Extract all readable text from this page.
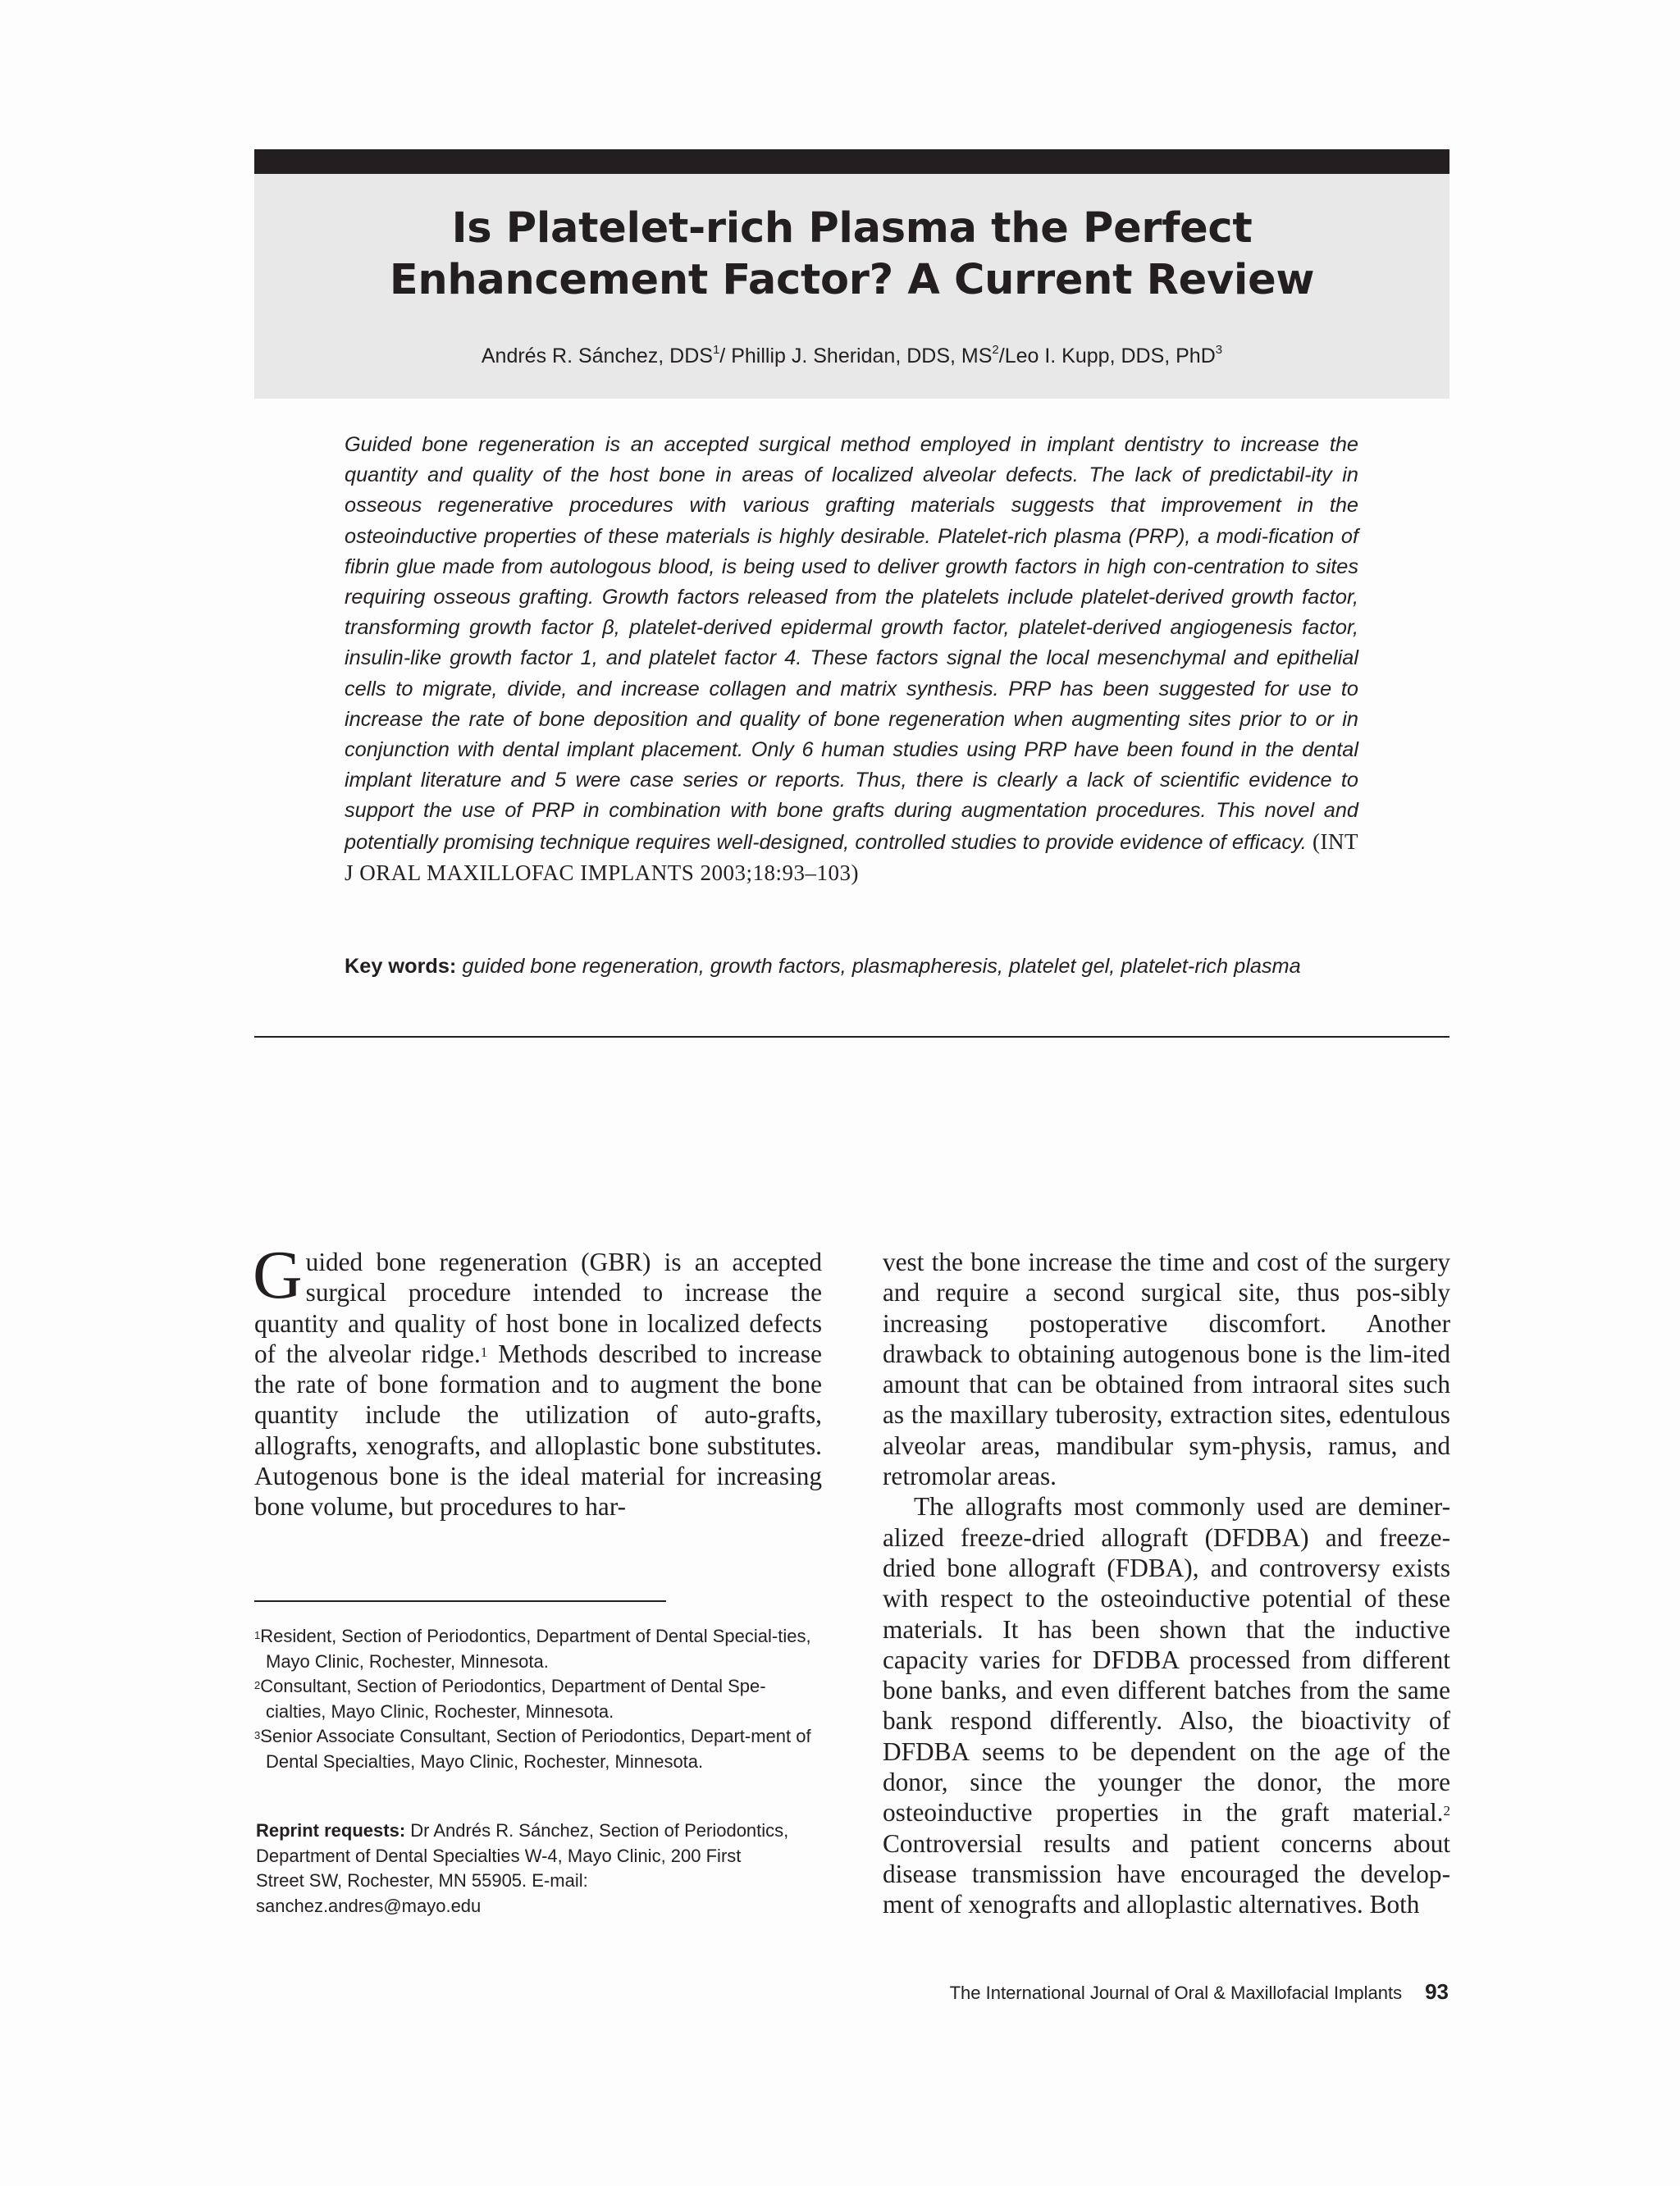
Is Platelet-rich Plasma the Perfect
Enhancement Factor? A Current Review
Andrés R. Sánchez, DDS$^1$/ Phillip J. Sheridan, DDS, $MS^2$/Leo I. Kupp, DDS, PhD$^3$
Guided bone regeneration is an accepted surgical method employed in implant dentistry to increase the quantity and quality of the host bone in areas of localized alveolar defects. The lack of predictabil-ity in osseous regenerative procedures with various grafting materials suggests that improvement in the osteoinductive properties of these materials is highly desirable. Platelet-rich plasma (PRP), a modi-fication of fibrin glue made from autologous blood, is being used to deliver growth factors in high con-centration to sites requiring osseous grafting. Growth factors released from the platelets include platelet-derived growth factor, transforming growth factor β, platelet-derived epidermal growth factor, platelet-derived angiogenesis factor, insulin-like growth factor 1, and platelet factor 4. These factors signal the local mesenchymal and epithelial cells to migrate, divide, and increase collagen and matrix synthesis. PRP has been suggested for use to increase the rate of bone deposition and quality of bone regeneration when augmenting sites prior to or in conjunction with dental implant placement. Only 6 human studies using PRP have been found in the dental implant literature and 5 were case series or reports. Thus, there is clearly a lack of scientific evidence to support the use of PRP in combination with bone grafts during augmentation procedures. This novel and potentially promising technique requires well-designed, controlled studies to provide evidence of efficacy. (INT J ORAL MAXILLOFAC IMPLANTS 2003;18:93–103)
Key words: guided bone regeneration, growth factors, plasmapheresis, platelet gel, platelet-rich plasma

Guided bone regeneration (GBR) is an accepted surgical procedure intended to increase the quantity and quality of host bone in localized defects of the alveolar ridge.$^1$ Methods described to increase the rate of bone formation and to augment the bone quantity include the utilization of auto-grafts, allografts, xenografts, and alloplastic bone substitutes. Autogenous bone is the ideal material for increasing bone volume, but procedures to har-

vest the bone increase the time and cost of the surgery and require a second surgical site, thus pos-sibly increasing postoperative discomfort. Another drawback to obtaining autogenous bone is the lim-ited amount that can be obtained from intraoral sites such as the maxillary tuberosity, extraction sites, edentulous alveolar areas, mandibular sym-physis, ramus, and retromolar areas.

The allografts most commonly used are deminer-alized freeze-dried allograft (DFDBA) and freeze-dried bone allograft (FDBA), and controversy exists with respect to the osteoinductive potential of these materials. It has been shown that the inductive capacity varies for DFDBA processed from different bone banks, and even different batches from the same bank respond differently. Also, the bioactivity of DFDBA seems to be dependent on the age of the donor, since the younger the donor, the more osteoinductive properties in the graft material.$^2$ Controversial results and patient concerns about disease transmission have encouraged the develop-ment of xenografts and alloplastic alternatives. Both

$^1$Resident, Section of Periodontics, Department of Dental Special-ties, Mayo Clinic, Rochester, Minnesota.
$^2$Consultant, Section of Periodontics, Department of Dental Spe-cialties, Mayo Clinic, Rochester, Minnesota.
$^3$Senior Associate Consultant, Section of Periodontics, Depart-ment of Dental Specialties, Mayo Clinic, Rochester, Minnesota.
Reprint requests: Dr Andrés R. Sánchez, Section of Periodontics,
Department of Dental Specialties W-4, Mayo Clinic, 200 First
Street SW, Rochester, MN 55905. E-mail:
sanchez.andres@mayo.edu
The International Journal of Oral & Maxillofacial Implants 93
